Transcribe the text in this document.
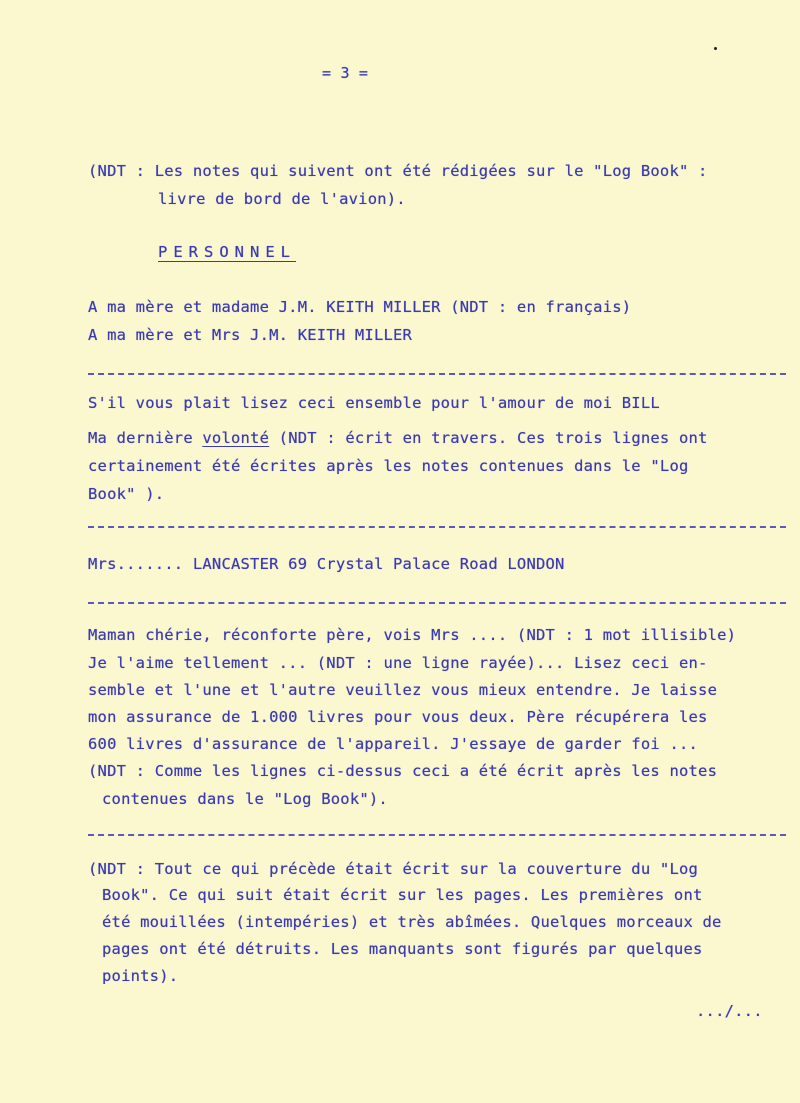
= 3 =
(NDT : Les notes qui suivent ont été rédigées sur le "Log Book" :
livre de bord de l'avion).
PERSONNEL
A ma mère et madame J.M. KEITH MILLER (NDT : en français)
A ma mère et Mrs J.M. KEITH MILLER
S'il vous plait lisez ceci ensemble pour l'amour de moi BILL
Ma dernière volonté (NDT : écrit en travers. Ces trois lignes ont
certainement été écrites après les notes contenues dans le "Log
Book" ).
Mrs....... LANCASTER 69 Crystal Palace Road LONDON
Maman chérie, réconforte père, vois Mrs .... (NDT : 1 mot illisible)
Je l'aime tellement ... (NDT : une ligne rayée)... Lisez ceci en-
semble et l'une et l'autre veuillez vous mieux entendre. Je laisse
mon assurance de 1.000 livres pour vous deux. Père récupérera les
600 livres d'assurance de l'appareil. J'essaye de garder foi ...
(NDT : Comme les lignes ci-dessus ceci a été écrit après les notes
contenues dans le "Log Book").
(NDT : Tout ce qui précède était écrit sur la couverture du "Log
Book". Ce qui suit était écrit sur les pages. Les premières ont
été mouillées (intempéries) et très abîmées. Quelques morceaux de
pages ont été détruits. Les manquants sont figurés par quelques
points).
.../...
